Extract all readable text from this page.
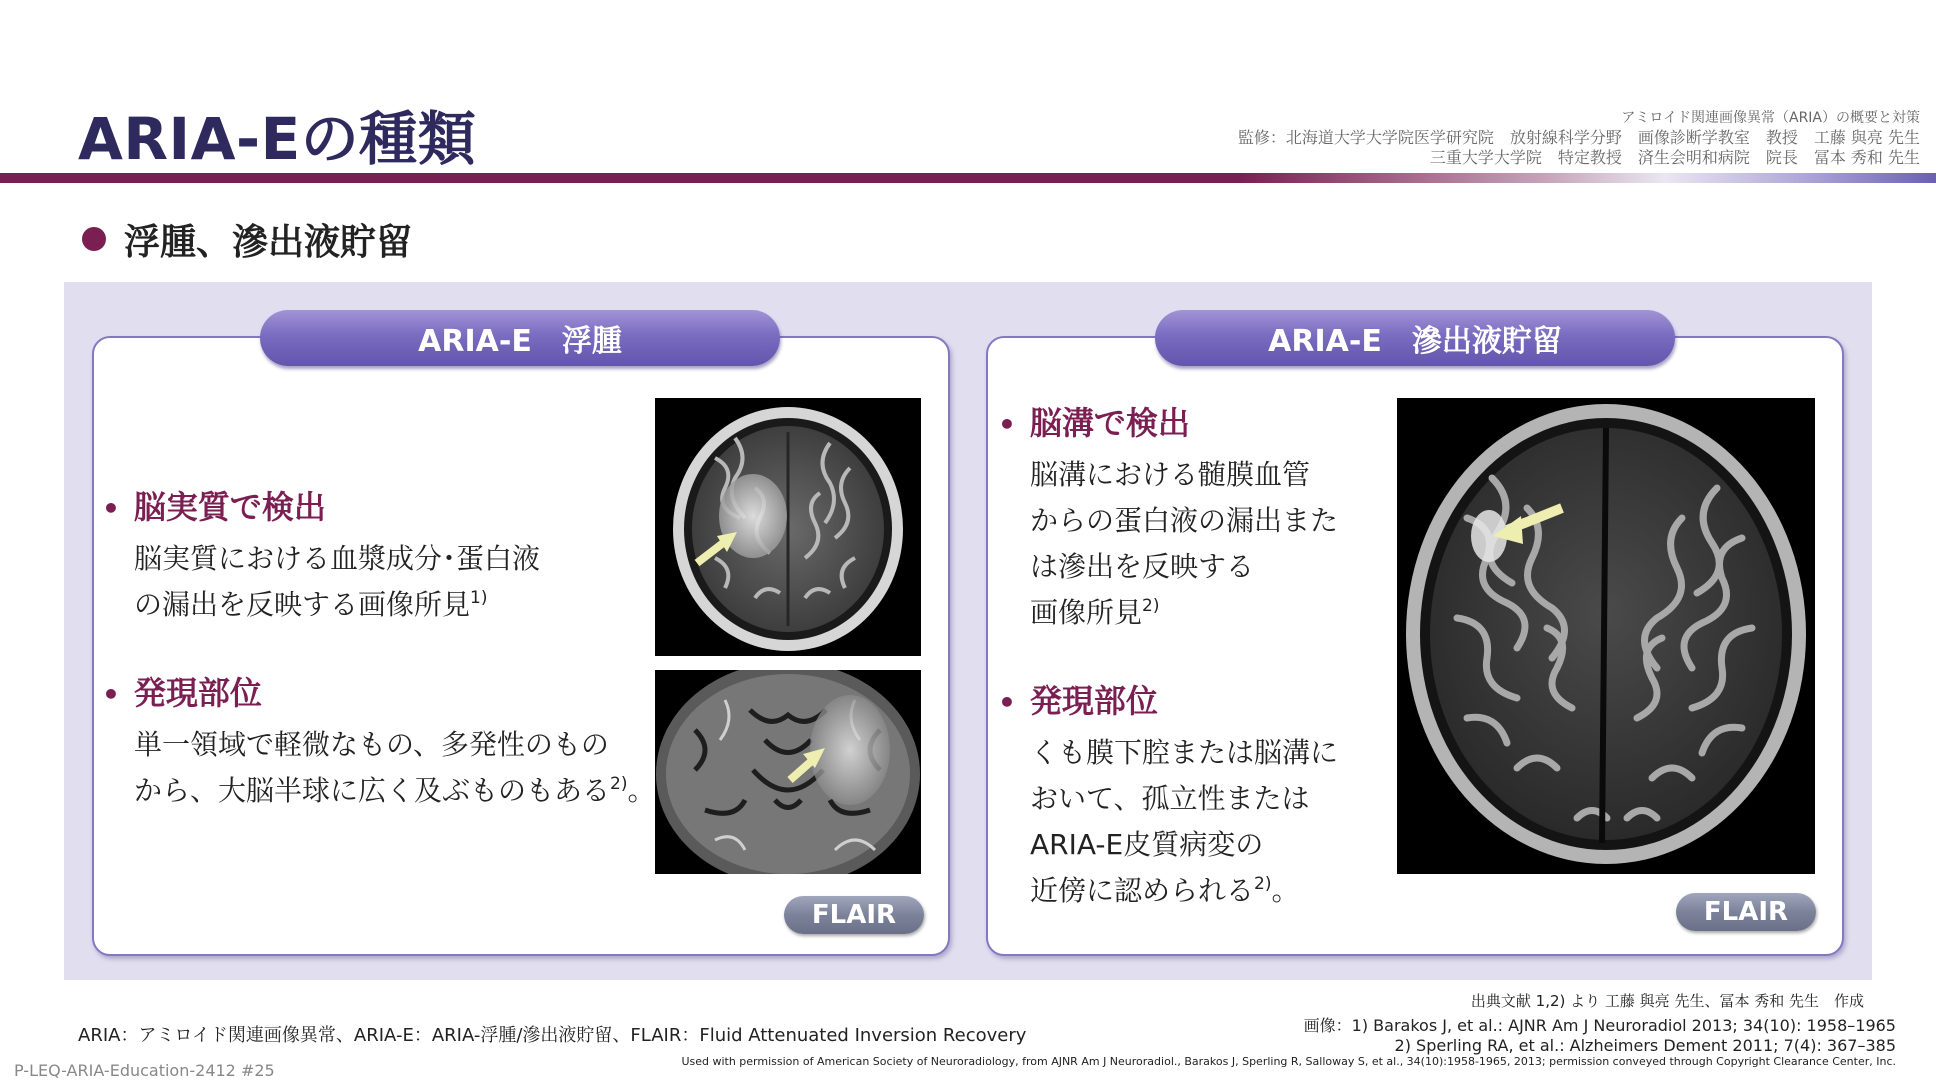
ARIA-Eの種類	アミロイド関連画像異常（ARIA）の概要と対策
監修：北海道大学大学院医学研究院　放射線科学分野　画像診断学教室　教授　工藤 與亮 先生
三重大学大学院　特定教授　済生会明和病院　院長　冨本 秀和 先生
浮腫、滲出液貯留
ARIA-E　浮腫
• 脳実質で検出
脳実質における血漿成分･蛋白液
の漏出を反映する画像所見$^{1)}$
• 発現部位
単一領域で軽微なもの、多発性のもの
から、大脳半球に広く及ぶものもある$^{2)}$。
FLAIR
ARIA-E　滲出液貯留
• 脳溝で検出
脳溝における髄膜血管
からの蛋白液の漏出また
は滲出を反映する
画像所見$^{2)}$
• 発現部位
くも膜下腔または脳溝に
おいて、孤立性または
ARIA-E皮質病変の
近傍に認められる$^{2)}$。
FLAIR
出典文献 1,2) より 工藤 與亮 先生、冨本 秀和 先生　作成
ARIA：アミロイド関連画像異常、ARIA-E：ARIA-浮腫/滲出液貯留、FLAIR：Fluid Attenuated Inversion Recovery	画像：1) Barakos J, et al.: AJNR Am J Neuroradiol 2013; 34(10): 1958–1965
2) Sperling RA, et al.: Alzheimers Dement 2011; 7(4): 367–385
Used with permission of American Society of Neuroradiology, from AJNR Am J Neuroradiol., Barakos J, Sperling R, Salloway S, et al., 34(10):1958-1965, 2013; permission conveyed through Copyright Clearance Center, Inc.
P-LEQ-ARIA-Education-2412 #25
